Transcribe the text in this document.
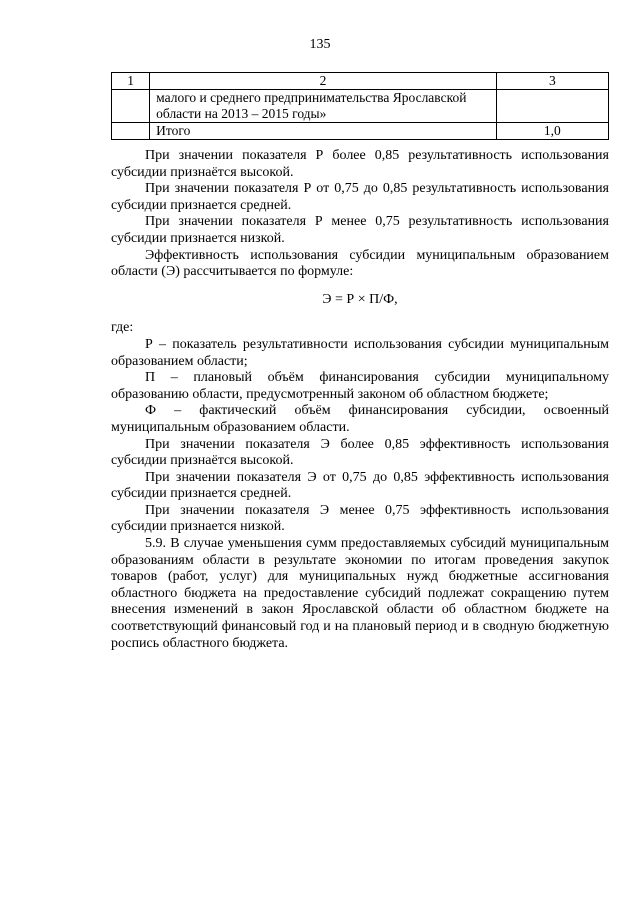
135
1	2	3
	малого и среднего предпринимательства Ярославской области на 2013 – 2015 годы»	
	Итого	1,0

При значении показателя Р более 0,85 результативность использования субсидии признаётся высокой.

При значении показателя Р от 0,75 до 0,85 результативность использования субсидии признается средней.

При значении показателя Р менее 0,75 результативность использования субсидии признается низкой.

Эффективность использования субсидии муниципальным образованием области (Э) рассчитывается по формуле:

Э = Р × П/Ф,

где:

Р – показатель результативности использования субсидии муниципальным образованием области;

П – плановый объём финансирования субсидии муниципальному образованию области, предусмотренный законом об областном бюджете;

Ф – фактический объём финансирования субсидии, освоенный муниципальным образованием области.

При значении показателя Э более 0,85 эффективность использования субсидии признаётся высокой.

При значении показателя Э от 0,75 до 0,85 эффективность использования субсидии признается средней.

При значении показателя Э менее 0,75 эффективность использования субсидии признается низкой.

5.9. В случае уменьшения сумм предоставляемых субсидий муниципальным образованиям области в результате экономии по итогам проведения закупок товаров (работ, услуг) для муниципальных нужд бюджетные ассигнования областного бюджета на предоставление субсидий подлежат сокращению путем внесения изменений в закон Ярославской области об областном бюджете на соответствующий финансовый год и на плановый период и в сводную бюджетную роспись областного бюджета.
